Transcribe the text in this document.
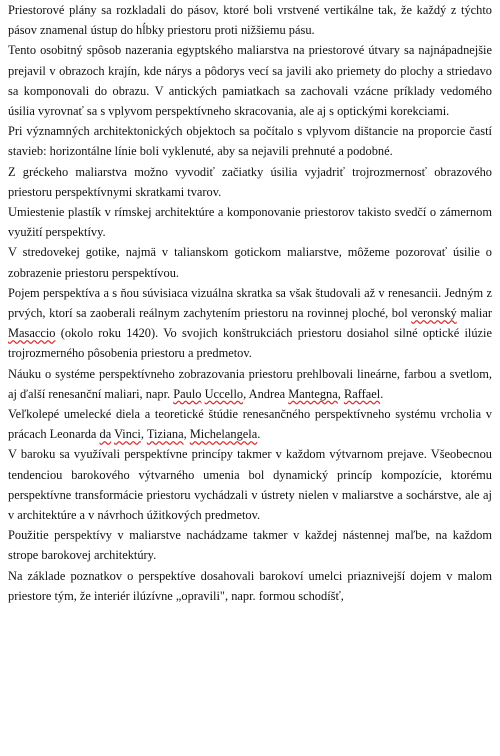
Priestorové plány sa rozkladali do pásov, ktoré boli vrstvené vertikálne tak, že každý z týchto pásov znamenal ústup do hĺbky priestoru proti nižšiemu pásu.

Tento osobitný spôsob nazerania egyptského maliarstva na priestorové útvary sa najnápadnejšie prejavil v obrazoch krajín, kde nárys a pôdorys vecí sa javili ako priemety do plochy a striedavo sa komponovali do obrazu. V antických pamiatkach sa zachovali vzácne príklady vedomého úsilia vyrovnať sa s vplyvom perspektívneho skracovania, ale aj s optickými korekciami.

Pri významných architektonických objektoch sa počítalo s vplyvom dištancie na proporcie častí stavieb: horizontálne línie boli vyklenuté, aby sa nejavili prehnuté a podobné.

Z gréckeho maliarstva možno vyvodiť začiatky úsilia vyjadriť trojrozmernosť obrazového priestoru perspektívnymi skratkami tvarov.

Umiestenie plastík v rímskej architektúre a komponovanie priestorov takisto svedčí o zámernom využití perspektívy.

V stredovekej gotike, najmä v talianskom gotickom maliarstve, môžeme pozorovať úsilie o zobrazenie priestoru perspektívou.

Pojem perspektíva a s ňou súvisiaca vizuálna skratka sa však študovali až v renesancii. Jedným z prvých, ktorí sa zaoberali reálnym zachytením priestoru na rovinnej ploché, bol veronský maliar Masaccio (okolo roku 1420). Vo svojich konštrukciách priestoru dosiahol silné optické ilúzie trojrozmerného pôsobenia priestoru a predmetov.

Náuku o systéme perspektívneho zobrazovania priestoru prehlbovali lineárne, farbou a svetlom, aj ďalší renesanční maliari, napr. Paulo Uccello, Andrea Mantegna, Raffael.

Veľkolepé umelecké diela a teoretické štúdie renesančného perspektívneho systému vrcholia v prácach Leonarda da Vinci, Tiziana, Michelangela.

V baroku sa využívali perspektívne princípy takmer v každom výtvarnom prejave. Všeobecnou tendenciou barokového výtvarného umenia bol dynamický princíp kompozície, ktorému perspektívne transformácie priestoru vychádzali v ústrety nielen v maliarstve a sochárstve, ale aj v architektúre a v návrhoch úžitkových predmetov.

Použitie perspektívy v maliarstve nachádzame takmer v každej nástennej maľbe, na každom strope barokovej architektúry.

Na základe poznatkov o perspektíve dosahovali barokoví umelci priaznivejší dojem v malom priestore tým, že interiér ilúzívne „opravili", napr. formou schodíšť,
